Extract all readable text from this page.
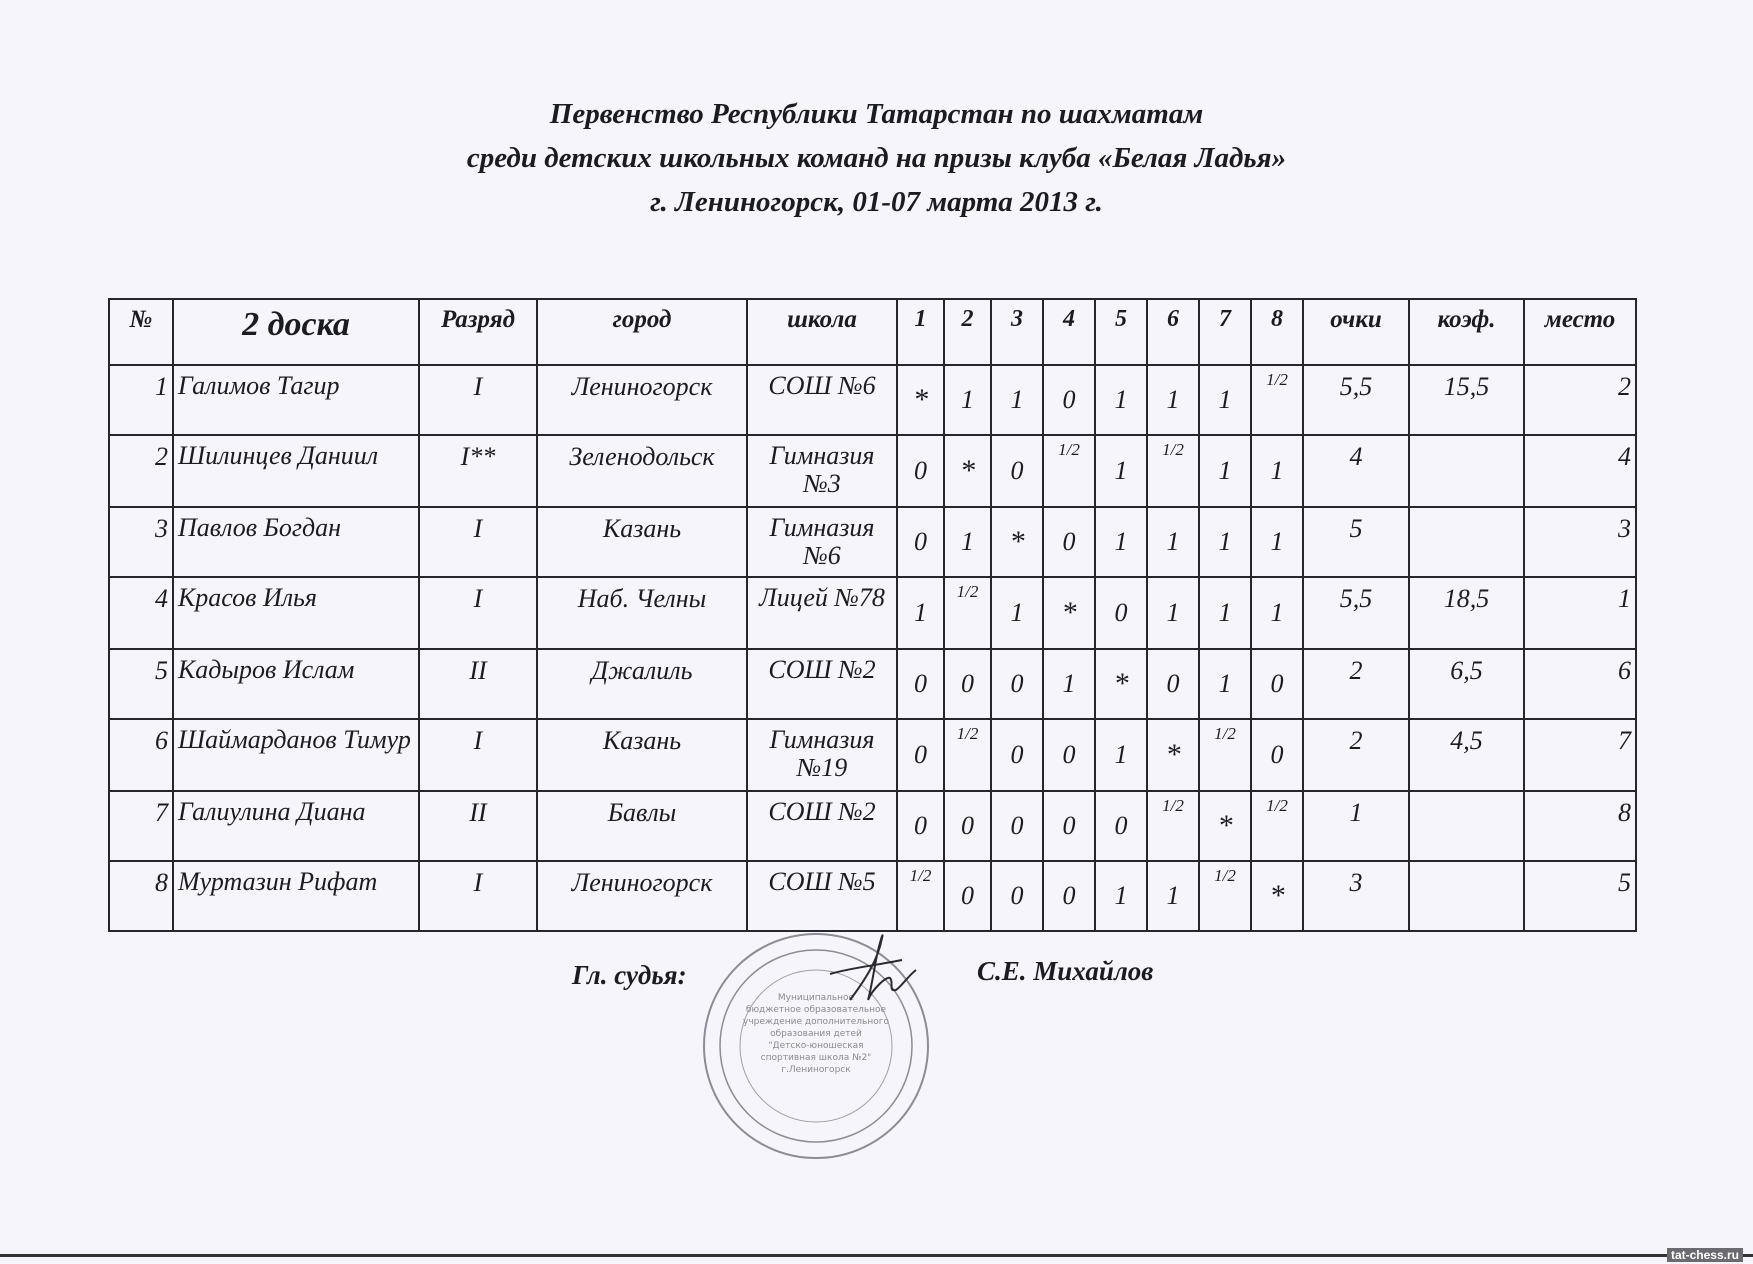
Первенство Республики Татарстан по шахматам
среди детских школьных команд на призы клуба «Белая Ладья»
г. Лениногорск, 01-07 марта 2013 г.
№	2 доска	Разряд	город	школа	1	2	3	4	5	6	7	8	очки	коэф.	место
1	Галимов Тагир	I	Лениногорск	СОШ №6	*	1	1	0	1	1	1	1/2	5,5	15,5	2
2	Шилинцев Даниил	I**	Зеленодольск	Гимназия №3	0	*	0	1/2	1	1/2	1	1	4		4
3	Павлов Богдан	I	Казань	Гимназия №6	0	1	*	0	1	1	1	1	5		3
4	Красов Илья	I	Наб. Челны	Лицей №78	1	1/2	1	*	0	1	1	1	5,5	18,5	1
5	Кадыров Ислам	II	Джалиль	СОШ №2	0	0	0	1	*	0	1	0	2	6,5	6
6	Шаймарданов Тимур	I	Казань	Гимназия №19	0	1/2	0	0	1	*	1/2	0	2	4,5	7
7	Галиулина Диана	II	Бавлы	СОШ №2	0	0	0	0	0	1/2	*	1/2	1		8
8	Муртазин Рифат	I	Лениногорск	СОШ №5	1/2	0	0	0	1	1	1/2	*	3		5
Гл. судья:
Муниципальное
бюджетное образовательное
учреждение дополнительного
образования детей
"Детско-юношеская
спортивная школа №2"
г.Лениногорск
С.Е. Михайлов
tat-chess.ru
